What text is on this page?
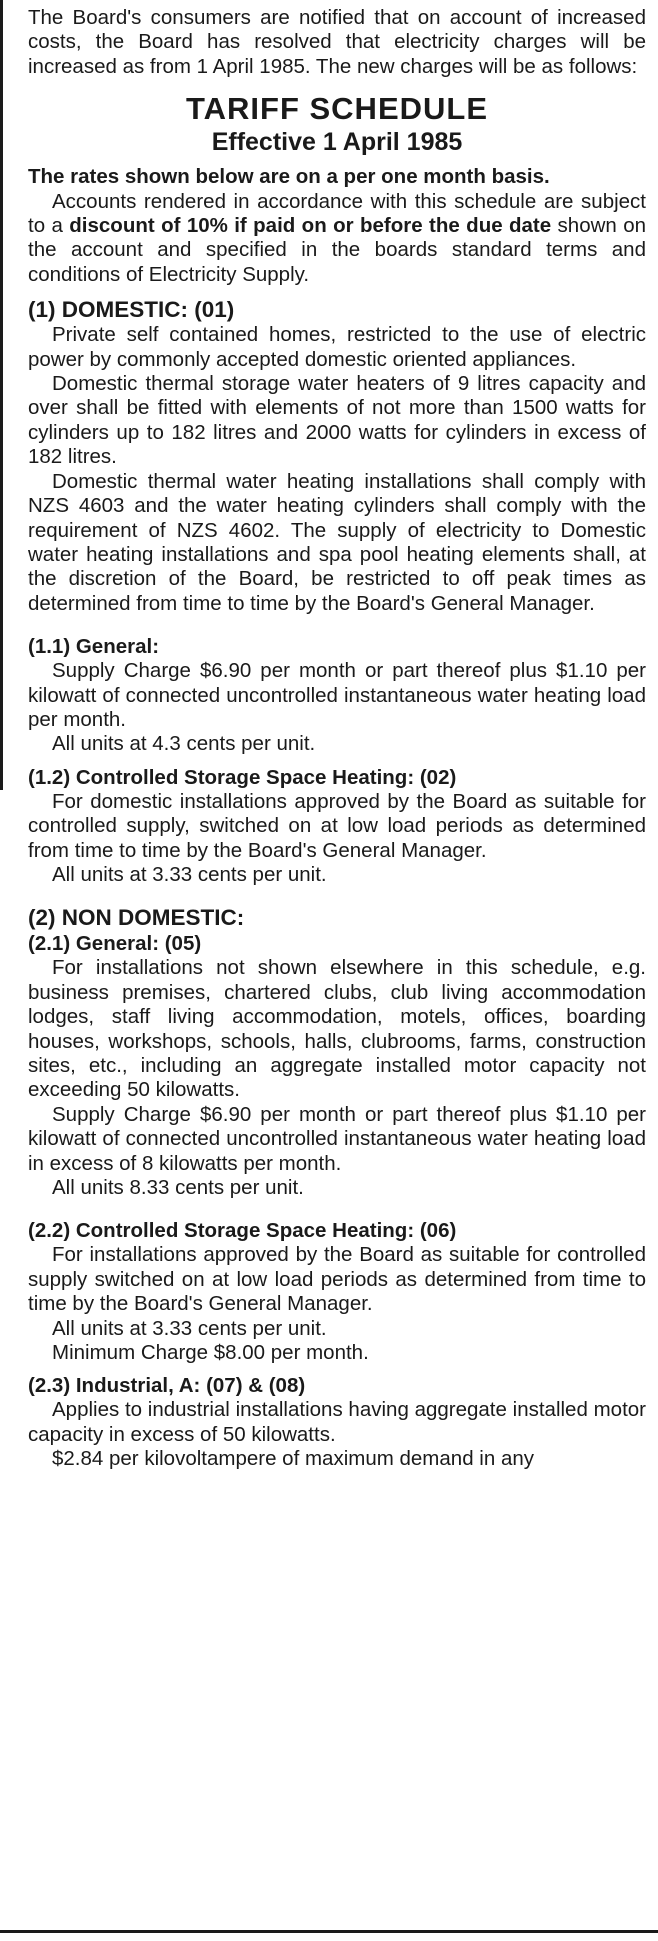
The Board's consumers are notified that on account of increased costs, the Board has resolved that electricity charges will be increased as from 1 April 1985. The new charges will be as follows:

TARIFF SCHEDULE
Effective 1 April 1985

The rates shown below are on a per one month basis.

Accounts rendered in accordance with this schedule are subject to a discount of 10% if paid on or before the due date shown on the account and specified in the boards standard terms and conditions of Electricity Supply.

(1) DOMESTIC: (01)

Private self contained homes, restricted to the use of electric power by commonly accepted domestic oriented appliances.

Domestic thermal storage water heaters of 9 litres capacity and over shall be fitted with elements of not more than 1500 watts for cylinders up to 182 litres and 2000 watts for cylinders in excess of 182 litres.

Domestic thermal water heating installations shall comply with NZS 4603 and the water heating cylinders shall comply with the requirement of NZS 4602. The supply of electricity to Domestic water heating installations and spa pool heating elements shall, at the discretion of the Board, be restricted to off peak times as determined from time to time by the Board's General Manager.

(1.1) General:

Supply Charge $6.90 per month or part thereof plus $1.10 per kilowatt of connected uncontrolled instantaneous water heating load per month.

All units at 4.3 cents per unit.

(1.2) Controlled Storage Space Heating: (02)

For domestic installations approved by the Board as suitable for controlled supply, switched on at low load periods as determined from time to time by the Board's General Manager.

All units at 3.33 cents per unit.

(2) NON DOMESTIC:
(2.1) General: (05)

For installations not shown elsewhere in this schedule, e.g. business premises, chartered clubs, club living accommodation lodges, staff living accommodation, motels, offices, boarding houses, workshops, schools, halls, clubrooms, farms, construction sites, etc., including an aggregate installed motor capacity not exceeding 50 kilowatts.

Supply Charge $6.90 per month or part thereof plus $1.10 per kilowatt of connected uncontrolled instantaneous water heating load in excess of 8 kilowatts per month.

All units 8.33 cents per unit.

(2.2) Controlled Storage Space Heating: (06)

For installations approved by the Board as suitable for controlled supply switched on at low load periods as determined from time to time by the Board's General Manager.

All units at 3.33 cents per unit.

Minimum Charge $8.00 per month.

(2.3) Industrial, A: (07) & (08)

Applies to industrial installations having aggregate installed motor capacity in excess of 50 kilowatts.

$2.84 per kilovoltampere of maximum demand in any
